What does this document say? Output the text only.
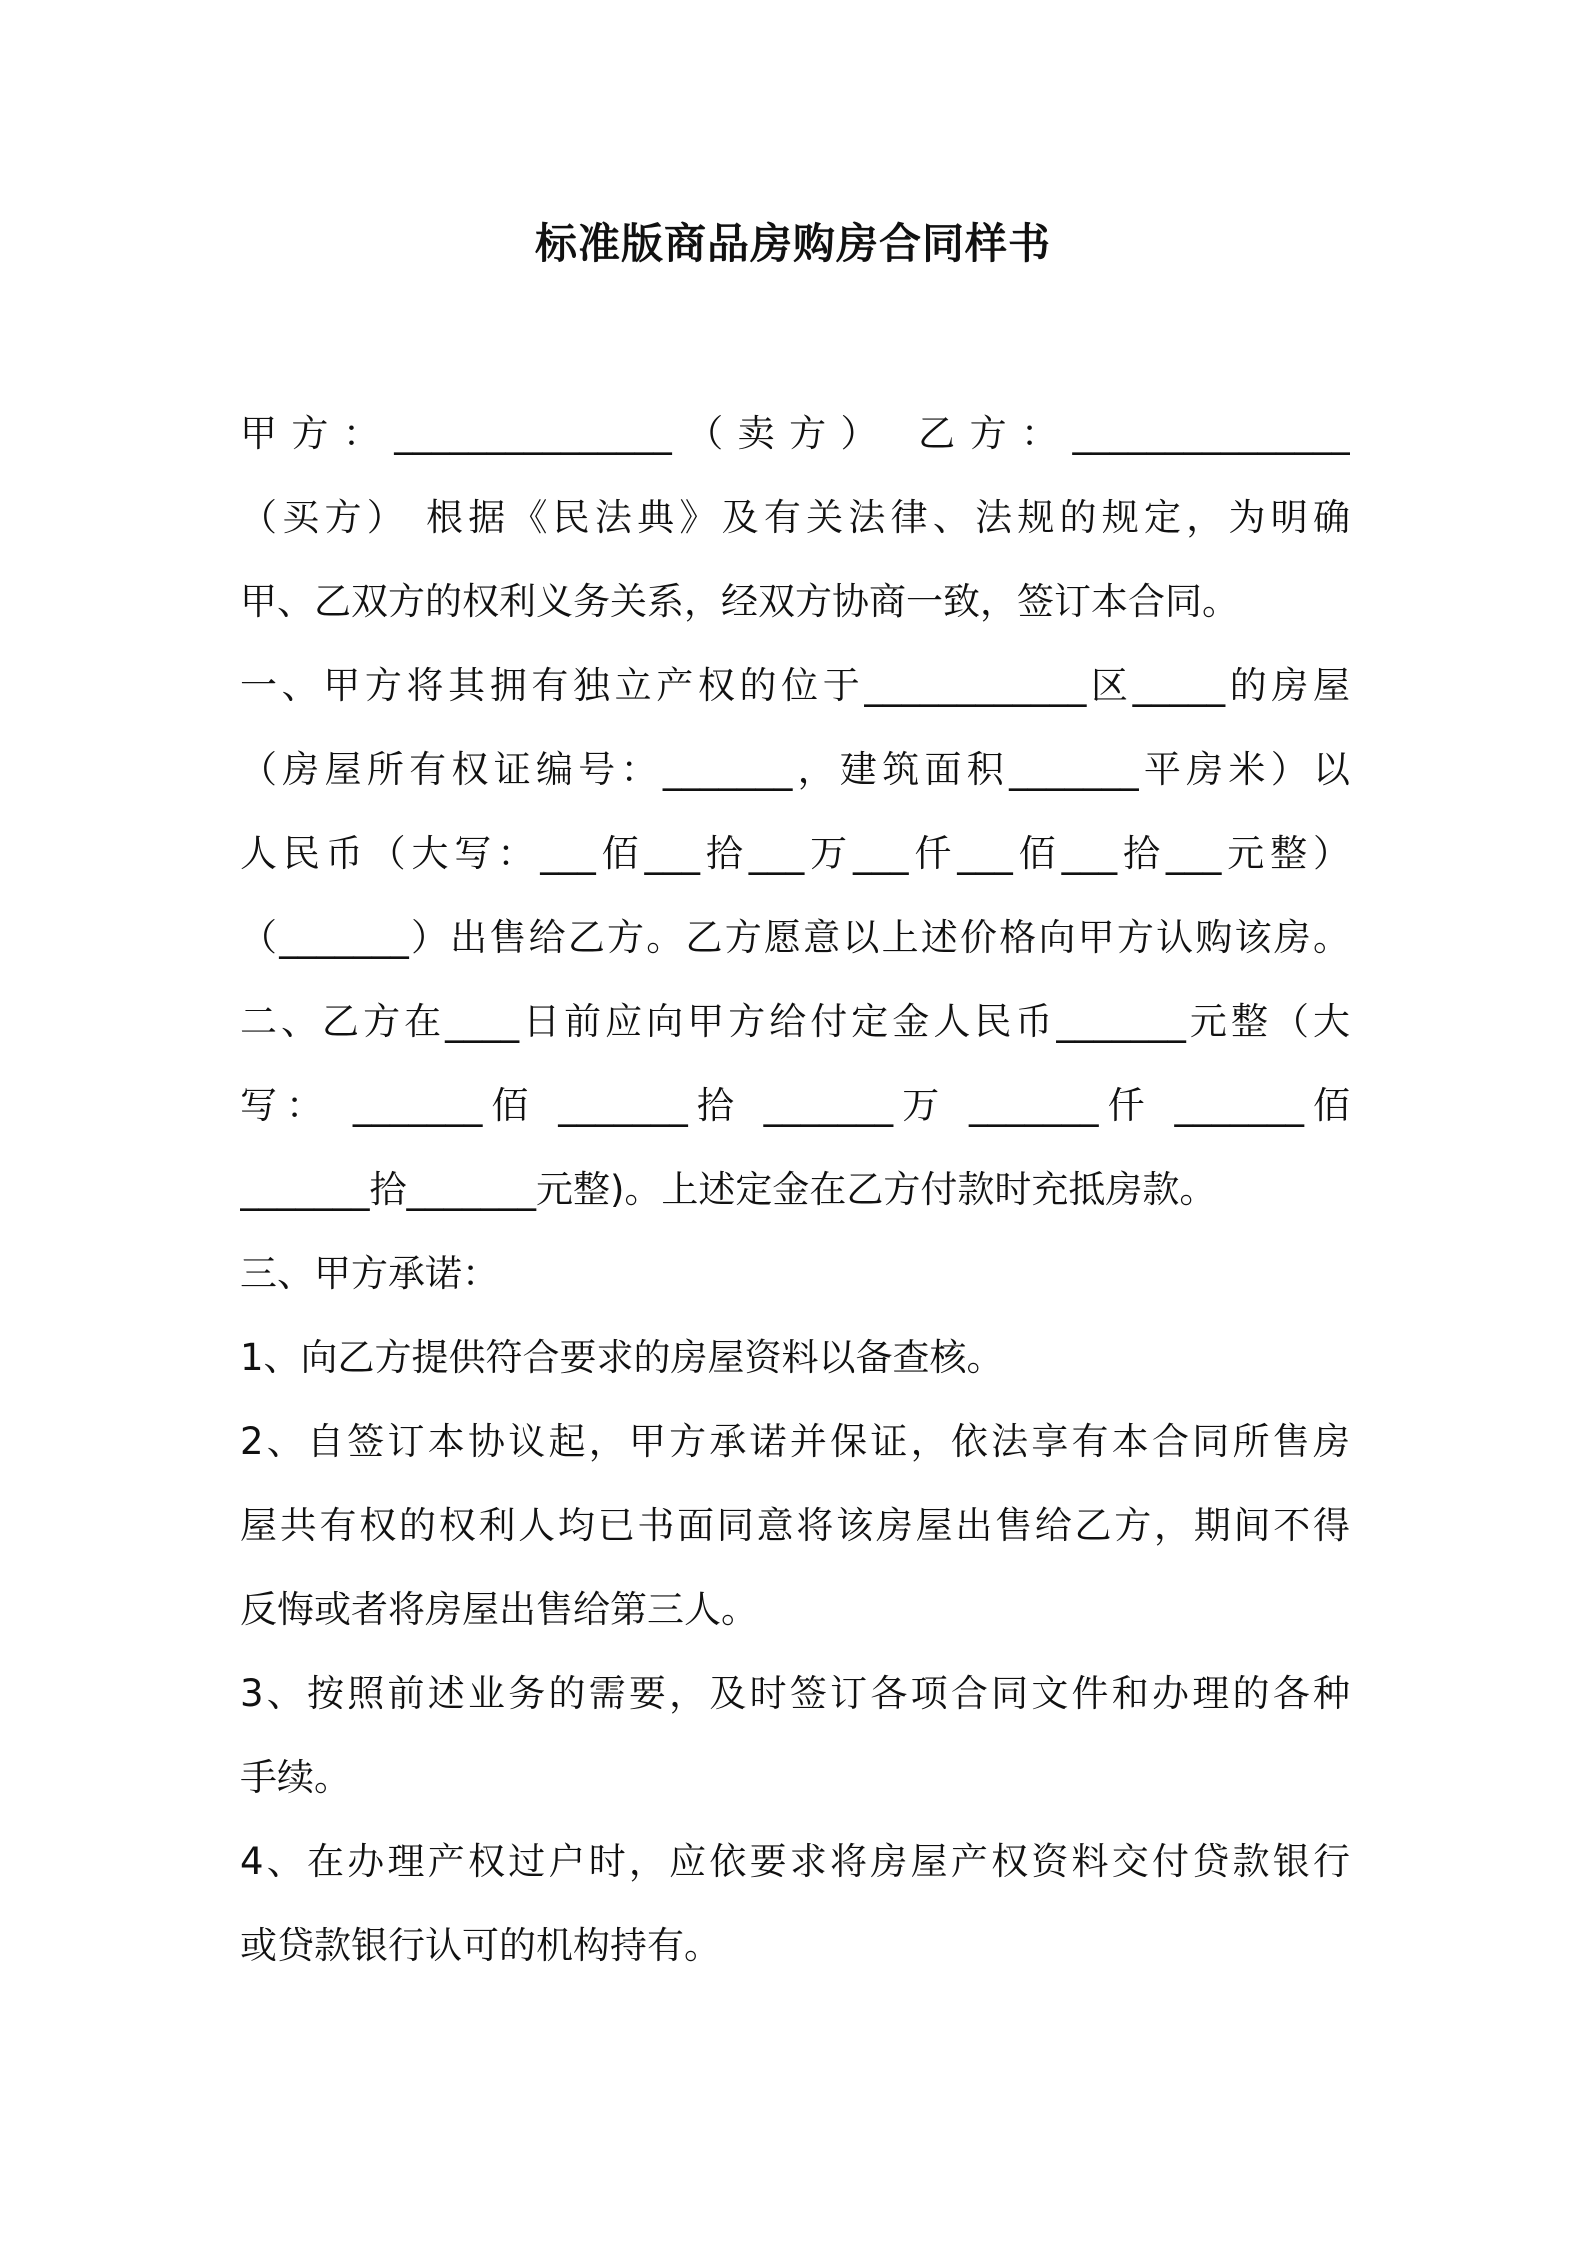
标准版商品房购房合同样书
甲方：_______________（卖方） 乙方：_______________
（买方） 根据《民法典》及有关法律、法规的规定，为明确
甲、乙双方的权利义务关系，经双方协商一致，签订本合同。
一、甲方将其拥有独立产权的位于____________区_____的房屋
（房屋所有权证编号：_______，建筑面积_______平房米）以
人民币（大写：___佰___拾___万___仟___佰___拾___元整）
（_______）出售给乙方。乙方愿意以上述价格向甲方认购该房。
二、乙方在____日前应向甲方给付定金人民币_______元整（大
写： _______佰 _______拾 _______万 _______仟 _______佰
_______拾_______元整)。上述定金在乙方付款时充抵房款。
三、甲方承诺：
1、向乙方提供符合要求的房屋资料以备查核。
2、自签订本协议起，甲方承诺并保证，依法享有本合同所售房
屋共有权的权利人均已书面同意将该房屋出售给乙方，期间不得
反悔或者将房屋出售给第三人。
3、按照前述业务的需要，及时签订各项合同文件和办理的各种
手续。
4、在办理产权过户时，应依要求将房屋产权资料交付贷款银行
或贷款银行认可的机构持有。
